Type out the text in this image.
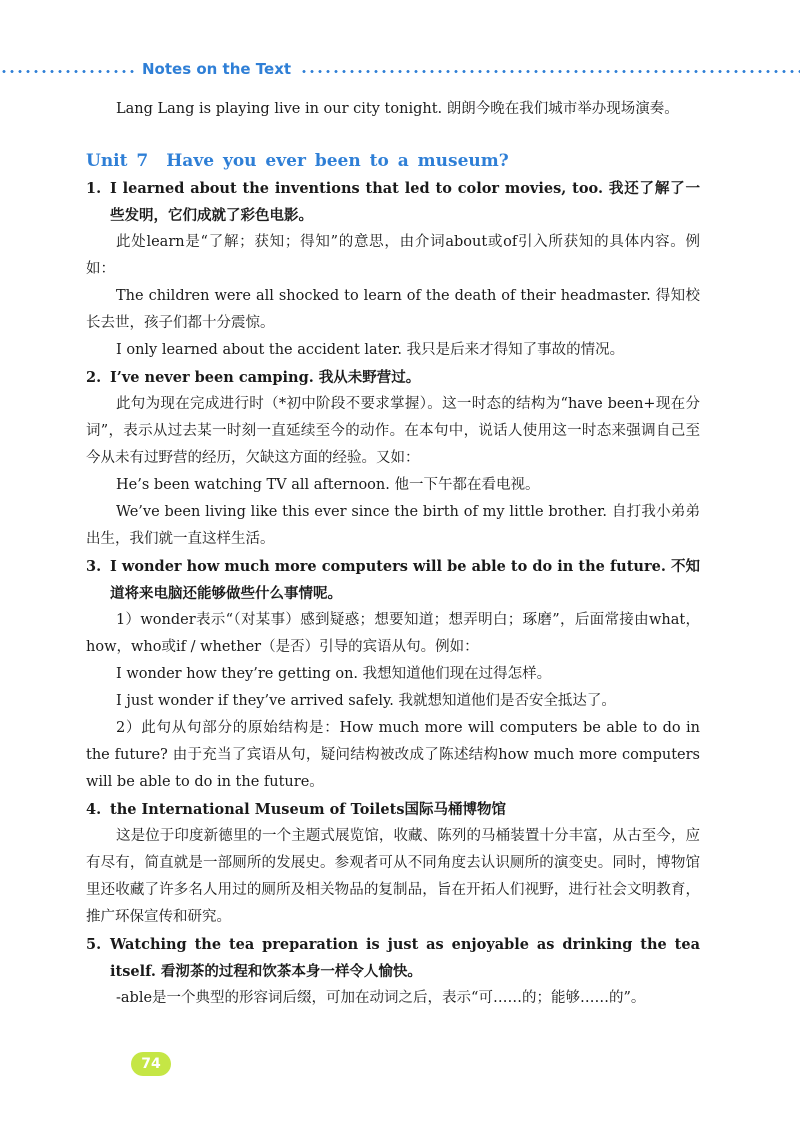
Notes on the Text

Lang Lang is playing live in our city tonight. 朗朗今晚在我们城市举办现场演奏。

Unit 7 Have you ever been to a museum?

1. I learned about the inventions that led to color movies, too. 我还了解了一些发明，它们成就了彩色电影。

此处learn是“了解；获知；得知”的意思，由介词about或of引入所获知的具体内容。例如：

The children were all shocked to learn of the death of their headmaster. 得知校长去世，孩子们都十分震惊。

I only learned about the accident later. 我只是后来才得知了事故的情况。

2. I’ve never been camping. 我从未野营过。

此句为现在完成进行时（*初中阶段不要求掌握）。这一时态的结构为“have been+现在分词”，表示从过去某一时刻一直延续至今的动作。在本句中，说话人使用这一时态来强调自己至今从未有过野营的经历，欠缺这方面的经验。又如：

He’s been watching TV all afternoon. 他一下午都在看电视。

We’ve been living like this ever since the birth of my little brother. 自打我小弟弟出生，我们就一直这样生活。

3. I wonder how much more computers will be able to do in the future. 不知道将来电脑还能够做些什么事情呢。

1）wonder表示“（对某事）感到疑惑；想要知道；想弄明白；琢磨”，后面常接由what，how，who或if / whether（是否）引导的宾语从句。例如：

I wonder how they’re getting on. 我想知道他们现在过得怎样。

I just wonder if they’ve arrived safely. 我就想知道他们是否安全抵达了。

2）此句从句部分的原始结构是：How much more will computers be able to do in the future? 由于充当了宾语从句，疑问结构被改成了陈述结构how much more computers will be able to do in the future。

4. the International Museum of Toilets国际马桶博物馆

这是位于印度新德里的一个主题式展览馆，收藏、陈列的马桶装置十分丰富，从古至今，应有尽有，简直就是一部厕所的发展史。参观者可从不同角度去认识厕所的演变史。同时，博物馆里还收藏了许多名人用过的厕所及相关物品的复制品，旨在开拓人们视野，进行社会文明教育，推广环保宣传和研究。

5. Watching the tea preparation is just as enjoyable as drinking the tea itself. 看沏茶的过程和饮茶本身一样令人愉快。

-able是一个典型的形容词后缀，可加在动词之后，表示“可……的；能够……的”。

74
